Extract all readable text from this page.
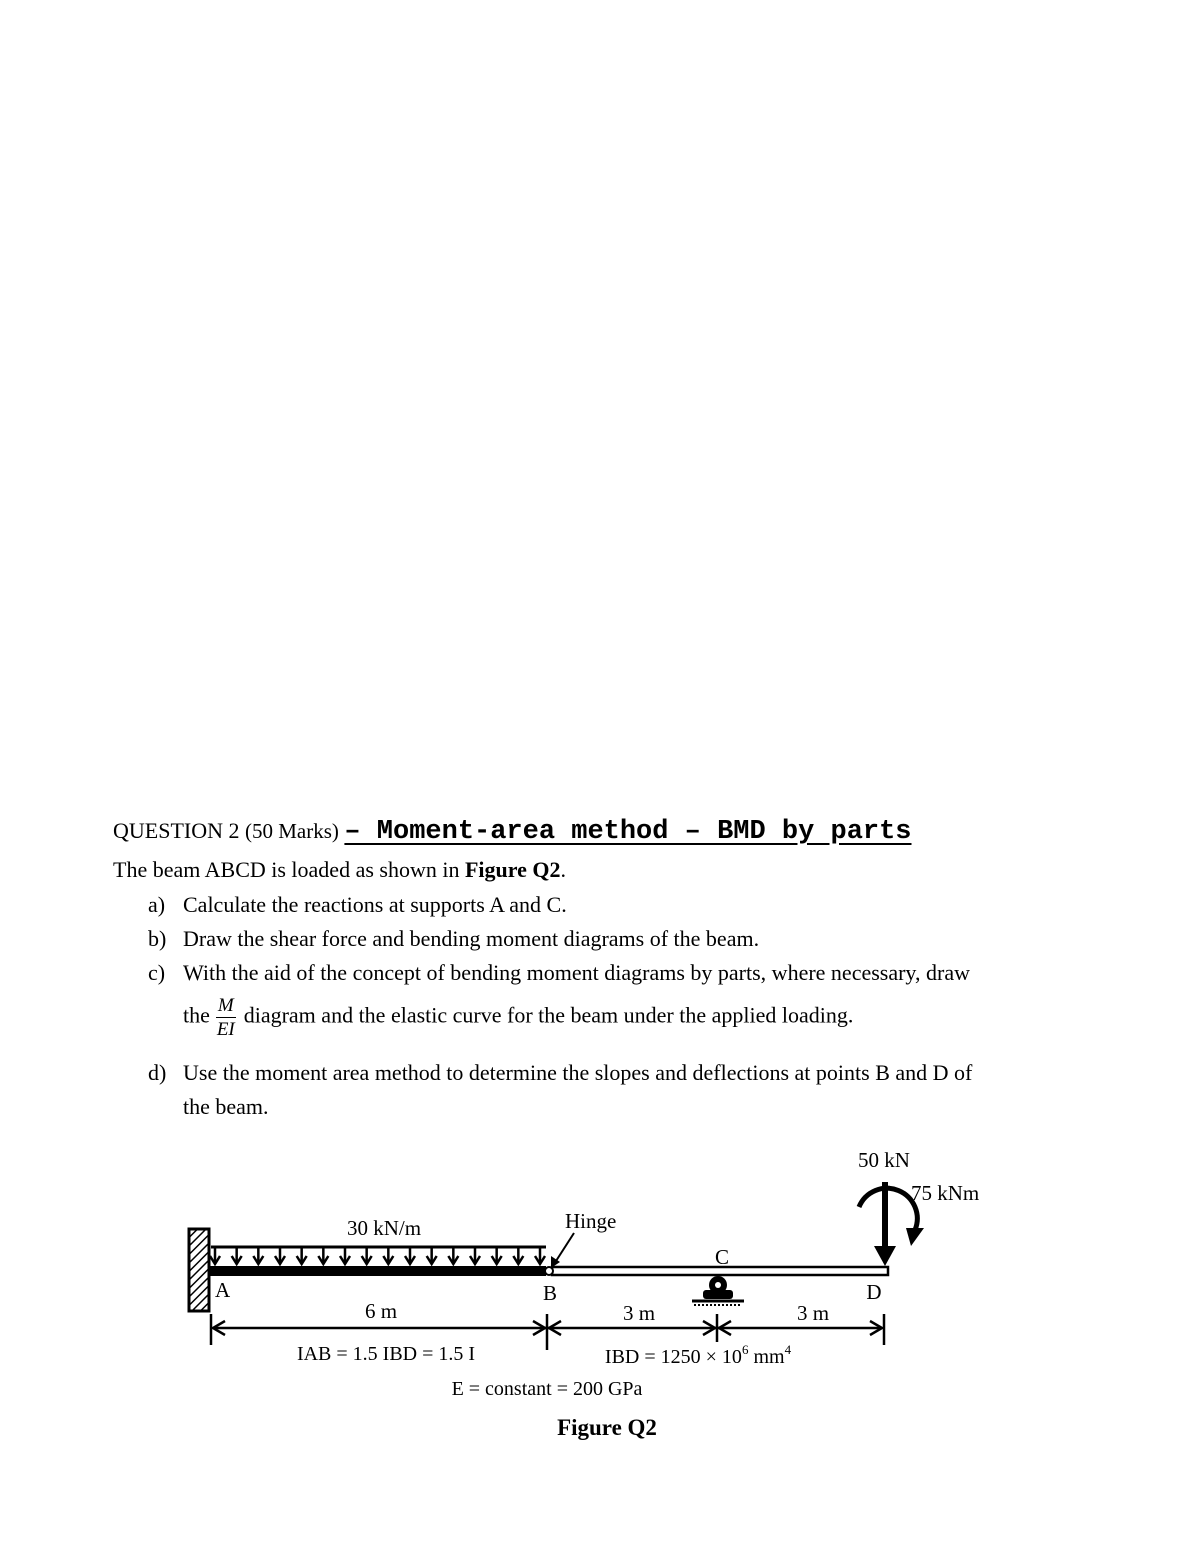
QUESTION 2 (50 Marks) – Moment-area method – BMD by parts
The beam ABCD is loaded as shown in Figure Q2.
a) Calculate the reactions at supports A and C.
b) Draw the shear force and bending moment diagrams of the beam.
c) With the aid of the concept of bending moment diagrams by parts, where necessary, draw
the $\frac{M}{EI}$ diagram and the elastic curve for the beam under the applied loading.
d) Use the moment area method to determine the slopes and deflections at points B and D of
the beam.
30 kN/m	Hinge
50 kN
75 kNm
A	B
C
D
6 m	3 m	3 m
IAB = 1.5 IBD = 1.5 I	IBD = $1250 \times 10^6$ $mm^4$
E = constant = 200 GPa
Figure Q2
